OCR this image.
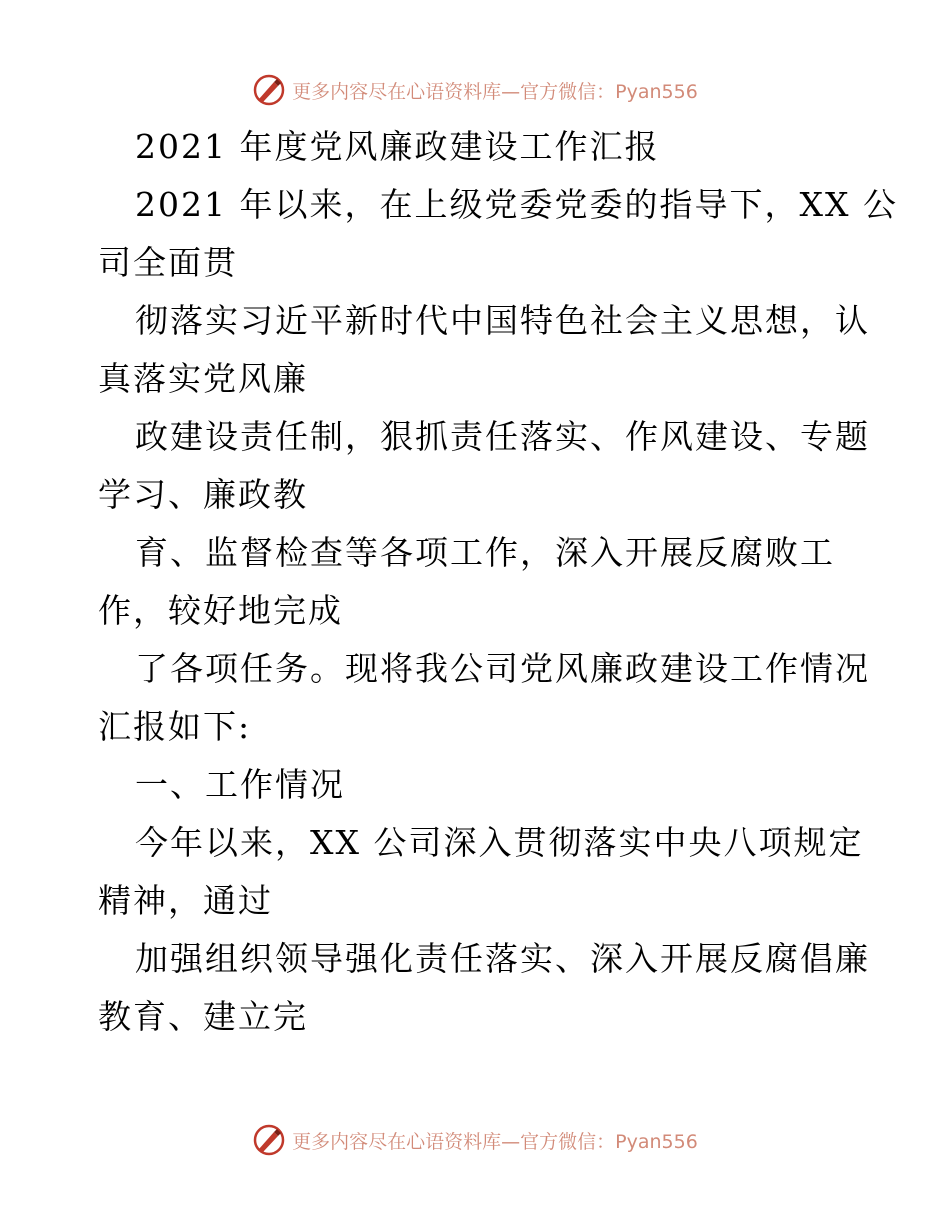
更多内容尽在心语资料库—官方微信：Pyan556
2021 年度党风廉政建设工作汇报
2021 年以来，在上级党委党委的指导下，XX 公
司全面贯
彻落实习近平新时代中国特色社会主义思想，认
真落实党风廉
政建设责任制，狠抓责任落实、作风建设、专题
学习、廉政教
育、监督检查等各项工作，深入开展反腐败工
作，较好地完成
了各项任务。现将我公司党风廉政建设工作情况
汇报如下:
一、工作情况
今年以来，XX 公司深入贯彻落实中央八项规定
精神，通过
加强组织领导强化责任落实、深入开展反腐倡廉
教育、建立完
更多内容尽在心语资料库—官方微信：Pyan556
